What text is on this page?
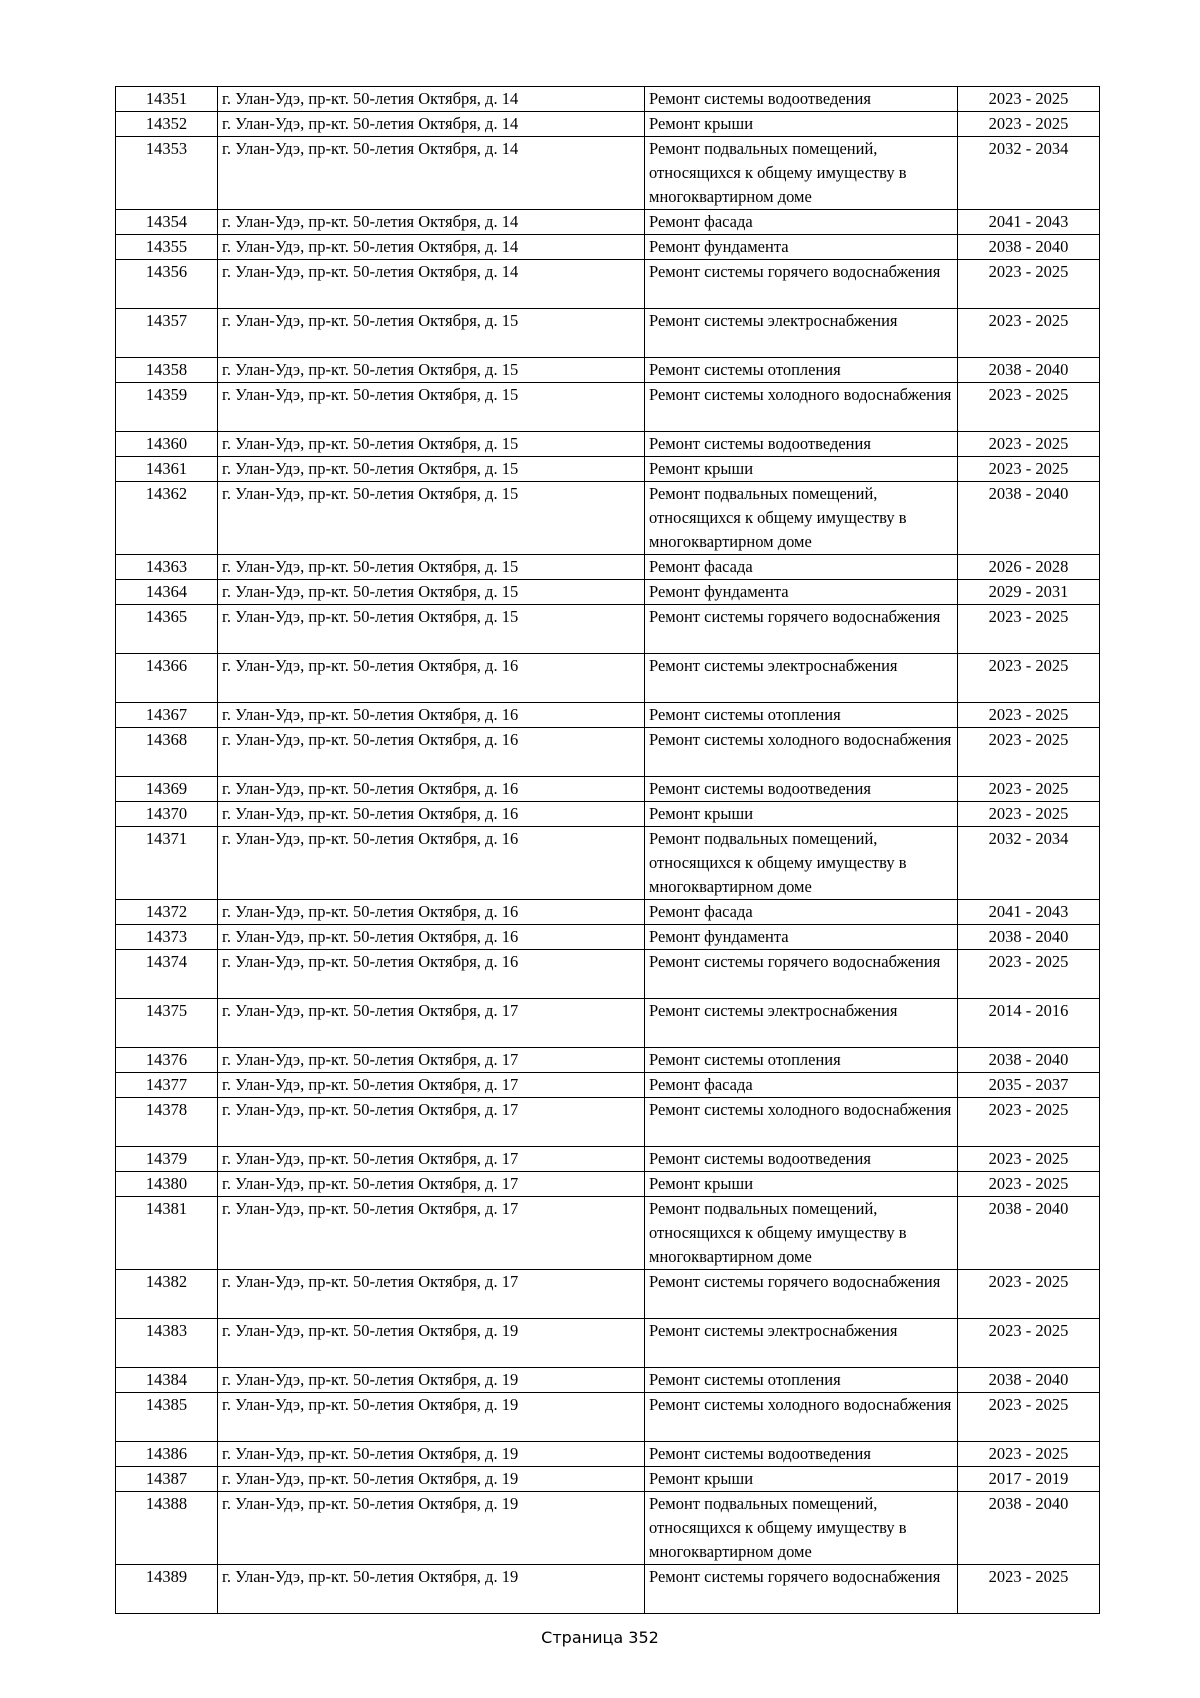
14351	г. Улан-Удэ, пр-кт. 50-летия Октября, д. 14	Ремонт системы водоотведения	2023 - 2025
14352	г. Улан-Удэ, пр-кт. 50-летия Октября, д. 14	Ремонт крыши	2023 - 2025
14353	г. Улан-Удэ, пр-кт. 50-летия Октября, д. 14	Ремонт подвальных помещений, относящихся к общему имуществу в многоквартирном доме	2032 - 2034
14354	г. Улан-Удэ, пр-кт. 50-летия Октября, д. 14	Ремонт фасада	2041 - 2043
14355	г. Улан-Удэ, пр-кт. 50-летия Октября, д. 14	Ремонт фундамента	2038 - 2040
14356	г. Улан-Удэ, пр-кт. 50-летия Октября, д. 14	Ремонт системы горячего водоснабжения	2023 - 2025
14357	г. Улан-Удэ, пр-кт. 50-летия Октября, д. 15	Ремонт системы электроснабжения	2023 - 2025
14358	г. Улан-Удэ, пр-кт. 50-летия Октября, д. 15	Ремонт системы отопления	2038 - 2040
14359	г. Улан-Удэ, пр-кт. 50-летия Октября, д. 15	Ремонт системы холодного водоснабжения	2023 - 2025
14360	г. Улан-Удэ, пр-кт. 50-летия Октября, д. 15	Ремонт системы водоотведения	2023 - 2025
14361	г. Улан-Удэ, пр-кт. 50-летия Октября, д. 15	Ремонт крыши	2023 - 2025
14362	г. Улан-Удэ, пр-кт. 50-летия Октября, д. 15	Ремонт подвальных помещений, относящихся к общему имуществу в многоквартирном доме	2038 - 2040
14363	г. Улан-Удэ, пр-кт. 50-летия Октября, д. 15	Ремонт фасада	2026 - 2028
14364	г. Улан-Удэ, пр-кт. 50-летия Октября, д. 15	Ремонт фундамента	2029 - 2031
14365	г. Улан-Удэ, пр-кт. 50-летия Октября, д. 15	Ремонт системы горячего водоснабжения	2023 - 2025
14366	г. Улан-Удэ, пр-кт. 50-летия Октября, д. 16	Ремонт системы электроснабжения	2023 - 2025
14367	г. Улан-Удэ, пр-кт. 50-летия Октября, д. 16	Ремонт системы отопления	2023 - 2025
14368	г. Улан-Удэ, пр-кт. 50-летия Октября, д. 16	Ремонт системы холодного водоснабжения	2023 - 2025
14369	г. Улан-Удэ, пр-кт. 50-летия Октября, д. 16	Ремонт системы водоотведения	2023 - 2025
14370	г. Улан-Удэ, пр-кт. 50-летия Октября, д. 16	Ремонт крыши	2023 - 2025
14371	г. Улан-Удэ, пр-кт. 50-летия Октября, д. 16	Ремонт подвальных помещений, относящихся к общему имуществу в многоквартирном доме	2032 - 2034
14372	г. Улан-Удэ, пр-кт. 50-летия Октября, д. 16	Ремонт фасада	2041 - 2043
14373	г. Улан-Удэ, пр-кт. 50-летия Октября, д. 16	Ремонт фундамента	2038 - 2040
14374	г. Улан-Удэ, пр-кт. 50-летия Октября, д. 16	Ремонт системы горячего водоснабжения	2023 - 2025
14375	г. Улан-Удэ, пр-кт. 50-летия Октября, д. 17	Ремонт системы электроснабжения	2014 - 2016
14376	г. Улан-Удэ, пр-кт. 50-летия Октября, д. 17	Ремонт системы отопления	2038 - 2040
14377	г. Улан-Удэ, пр-кт. 50-летия Октября, д. 17	Ремонт фасада	2035 - 2037
14378	г. Улан-Удэ, пр-кт. 50-летия Октября, д. 17	Ремонт системы холодного водоснабжения	2023 - 2025
14379	г. Улан-Удэ, пр-кт. 50-летия Октября, д. 17	Ремонт системы водоотведения	2023 - 2025
14380	г. Улан-Удэ, пр-кт. 50-летия Октября, д. 17	Ремонт крыши	2023 - 2025
14381	г. Улан-Удэ, пр-кт. 50-летия Октября, д. 17	Ремонт подвальных помещений, относящихся к общему имуществу в многоквартирном доме	2038 - 2040
14382	г. Улан-Удэ, пр-кт. 50-летия Октября, д. 17	Ремонт системы горячего водоснабжения	2023 - 2025
14383	г. Улан-Удэ, пр-кт. 50-летия Октября, д. 19	Ремонт системы электроснабжения	2023 - 2025
14384	г. Улан-Удэ, пр-кт. 50-летия Октября, д. 19	Ремонт системы отопления	2038 - 2040
14385	г. Улан-Удэ, пр-кт. 50-летия Октября, д. 19	Ремонт системы холодного водоснабжения	2023 - 2025
14386	г. Улан-Удэ, пр-кт. 50-летия Октября, д. 19	Ремонт системы водоотведения	2023 - 2025
14387	г. Улан-Удэ, пр-кт. 50-летия Октября, д. 19	Ремонт крыши	2017 - 2019
14388	г. Улан-Удэ, пр-кт. 50-летия Октября, д. 19	Ремонт подвальных помещений, относящихся к общему имуществу в многоквартирном доме	2038 - 2040
14389	г. Улан-Удэ, пр-кт. 50-летия Октября, д. 19	Ремонт системы горячего водоснабжения	2023 - 2025
Страница 352
